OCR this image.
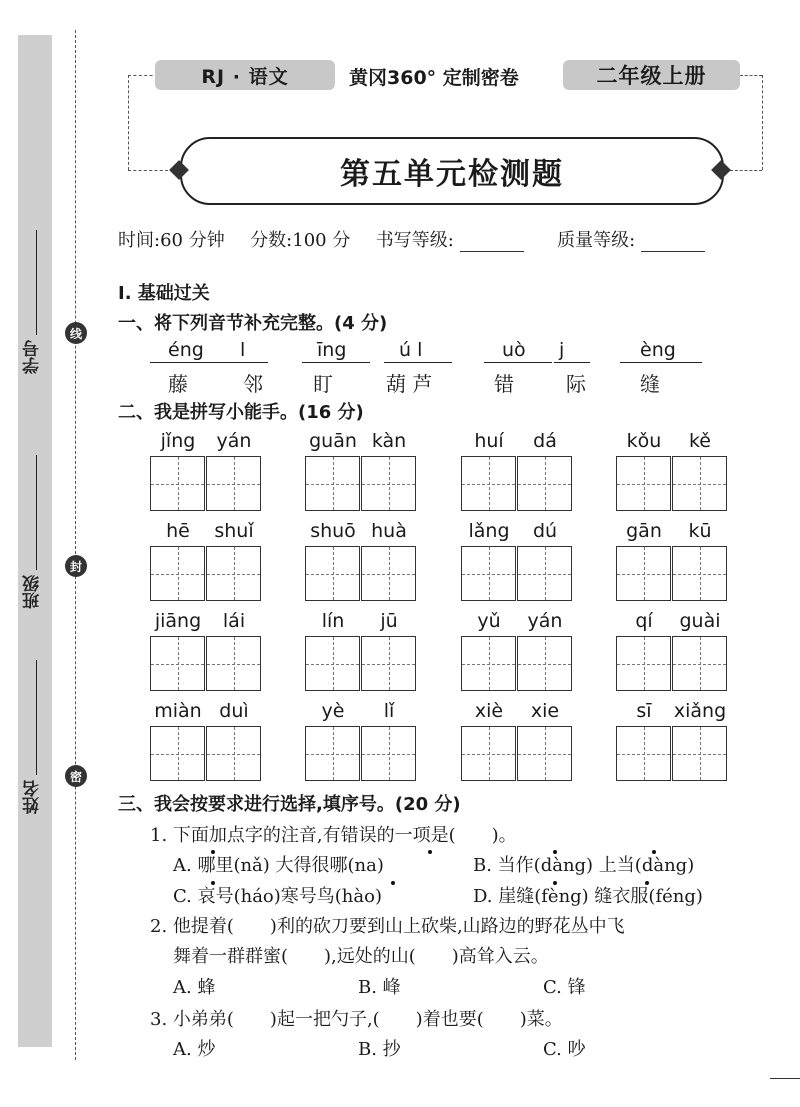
学号
班级
姓名
线
封
密
RJ · 语文	黄冈360° 定制密卷	二年级上册
第五单元检测题
时间:60 分钟 分数:100 分 书写等级:	质量等级:
Ⅰ. 基础过关
一、将下列音节补充完整。(4 分)
éng l	īng	ú l	uò j	èng
藤	邻	盯	葫 芦	错	际	缝
二、我是拼写小能手。(16 分)
jǐng	yán	guān kàn	huí	dá	kǒu	kě
hē	shuǐ	shuō huà	lǎng	dú	gān	kū
jiāng	lái	lín	jū	yǔ	yán	qí	guài
miàn duì	yè	lǐ	xiè	xie	sī	xiǎng
三、我会按要求进行选择,填序号。(20 分)
1. 下面加点字的注音,有错误的一项是(　　)。
A. 哪里(nǎ) 大得很哪(na)	B. 当作(dàng) 上当(dàng)
C. 哀号(háo)寒号鸟(hào)	D. 崖缝(fèng) 缝衣服(féng)
2. 他提着(　　)利的砍刀要到山上砍柴,山路边的野花丛中飞
舞着一群群蜜(　　),远处的山(　　)高耸入云。
A. 蜂	B. 峰	C. 锋
3. 小弟弟(　　)起一把勺子,(　　)着也要(　　)菜。
A. 炒	B. 抄	C. 吵
